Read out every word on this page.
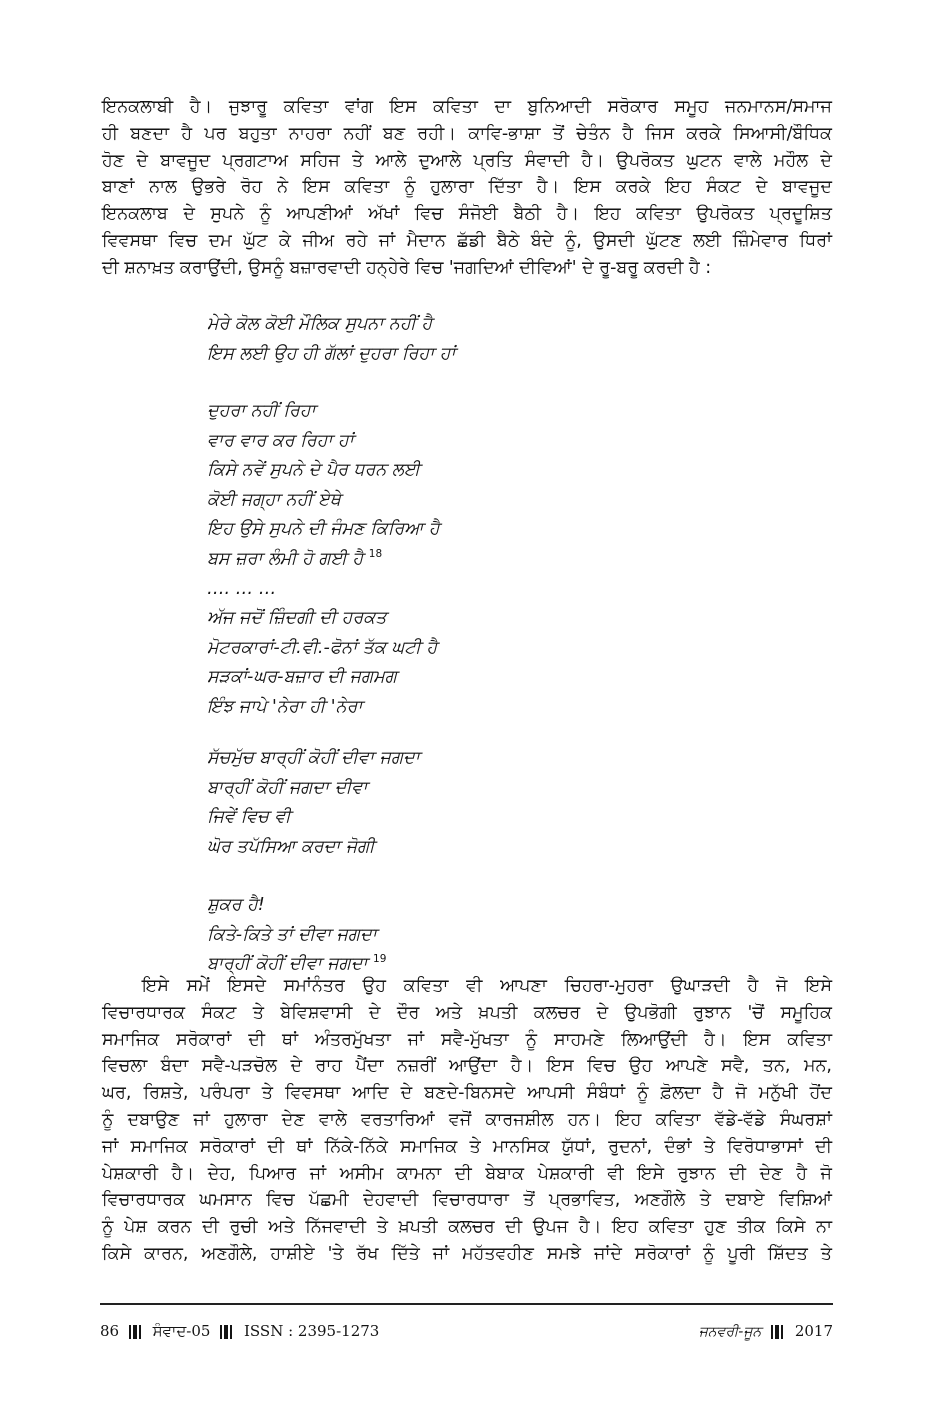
ਇਨਕਲਾਬੀ ਹੈ। ਜੁਝਾਰੂ ਕਵਿਤਾ ਵਾਂਗ ਇਸ ਕਵਿਤਾ ਦਾ ਬੁਨਿਆਦੀ ਸਰੋਕਾਰ ਸਮੂਹ ਜਨਮਾਨਸ/ਸਮਾਜ
ਹੀ ਬਣਦਾ ਹੈ ਪਰ ਬਹੁਤਾ ਨਾਹਰਾ ਨਹੀਂ ਬਣ ਰਹੀ। ਕਾਵਿ-ਭਾਸ਼ਾ ਤੋਂ ਚੇਤੰਨ ਹੈ ਜਿਸ ਕਰਕੇ ਸਿਆਸੀ/ਬੌਧਿਕ
ਹੋਣ ਦੇ ਬਾਵਜੂਦ ਪ੍ਰਗਟਾਅ ਸਹਿਜ ਤੇ ਆਲੇ ਦੁਆਲੇ ਪ੍ਰਤਿ ਸੰਵਾਦੀ ਹੈ। ਉਪਰੋਕਤ ਘੁਟਨ ਵਾਲੇ ਮਹੌਲ ਦੇ
ਬਾਣਾਂ ਨਾਲ ਉਭਰੇ ਰੋਹ ਨੇ ਇਸ ਕਵਿਤਾ ਨੂੰ ਹੁਲਾਰਾ ਦਿੱਤਾ ਹੈ। ਇਸ ਕਰਕੇ ਇਹ ਸੰਕਟ ਦੇ ਬਾਵਜੂਦ
ਇਨਕਲਾਬ ਦੇ ਸੁਪਨੇ ਨੂੰ ਆਪਣੀਆਂ ਅੱਖਾਂ ਵਿਚ ਸੰਜੋਈ ਬੈਠੀ ਹੈ। ਇਹ ਕਵਿਤਾ ਉਪਰੋਕਤ ਪ੍ਰਦੂਸ਼ਿਤ
ਵਿਵਸਥਾ ਵਿਚ ਦਮ ਘੁੱਟ ਕੇ ਜੀਅ ਰਹੇ ਜਾਂ ਮੈਦਾਨ ਛੱਡੀ ਬੈਠੇ ਬੰਦੇ ਨੂੰ, ਉਸਦੀ ਘੁੱਟਣ ਲਈ ਜ਼ਿੰਮੇਵਾਰ ਧਿਰਾਂ
ਦੀ ਸ਼ਨਾਖ਼ਤ ਕਰਾਉਂਦੀ, ਉਸਨੂੰ ਬਜ਼ਾਰਵਾਦੀ ਹਨ੍ਹੇਰੇ ਵਿਚ 'ਜਗਦਿਆਂ ਦੀਵਿਆਂ' ਦੇ ਰੂ-ਬਰੂ ਕਰਦੀ ਹੈ :

ਮੇਰੇ ਕੋਲ ਕੋਈ ਮੌਲਿਕ ਸੁਪਨਾ ਨਹੀਂ ਹੈ
ਇਸ ਲਈ ਉਹ ਹੀ ਗੱਲਾਂ ਦੁਹਰਾ ਰਿਹਾ ਹਾਂ
ਦੁਹਰਾ ਨਹੀਂ ਰਿਹਾ
ਵਾਰ ਵਾਰ ਕਰ ਰਿਹਾ ਹਾਂ
ਕਿਸੇ ਨਵੇਂ ਸੁਪਨੇ ਦੇ ਪੈਰ ਧਰਨ ਲਈ
ਕੋਈ ਜਗ੍ਹਾ ਨਹੀਂ ਏਥੇ
ਇਹ ਉਸੇ ਸੁਪਨੇ ਦੀ ਜੰਮਣ ਕਿਰਿਆ ਹੈ
ਬਸ ਜ਼ਰਾ ਲੰਮੀ ਹੋ ਗਈ ਹੈ $^{18}$
…. … …
ਅੱਜ ਜਦੋਂ ਜ਼ਿੰਦਗੀ ਦੀ ਹਰਕਤ
ਮੋਟਰਕਾਰਾਂ-ਟੀ.ਵੀ.-ਫੋਨਾਂ ਤੱਕ ਘਟੀ ਹੈ
ਸੜਕਾਂ-ਘਰ-ਬਜ਼ਾਰ ਦੀ ਜਗਮਗ
ਇੰਝ ਜਾਪੇ 'ਨੇਰਾ ਹੀ 'ਨੇਰਾ
ਸੱਚਮੁੱਚ ਬਾਰ੍ਹੀਂ ਕੋਹੀਂ ਦੀਵਾ ਜਗਦਾ
ਬਾਰ੍ਹੀਂ ਕੋਹੀਂ ਜਗਦਾ ਦੀਵਾ
ਜਿਵੇਂ ਵਿਚ ਵੀ
ਘੋਰ ਤਪੱਸਿਆ ਕਰਦਾ ਜੋਗੀ
ਸ਼ੁਕਰ ਹੈ!
ਕਿਤੇ-ਕਿਤੇ ਤਾਂ ਦੀਵਾ ਜਗਦਾ
ਬਾਰ੍ਹੀਂ ਕੋਹੀਂ ਦੀਵਾ ਜਗਦਾ $^{19}$

ਇਸੇ ਸਮੇਂ ਇਸਦੇ ਸਮਾਂਨੰਤਰ ਉਹ ਕਵਿਤਾ ਵੀ ਆਪਣਾ ਚਿਹਰਾ-ਮੁਹਰਾ ਉਘਾੜਦੀ ਹੈ ਜੋ ਇਸੇ
ਵਿਚਾਰਧਾਰਕ ਸੰਕਟ ਤੇ ਬੇਵਿਸ਼ਵਾਸੀ ਦੇ ਦੌਰ ਅਤੇ ਖ਼ਪਤੀ ਕਲਚਰ ਦੇ ਉਪਭੋਗੀ ਰੁਝਾਨ 'ਚੋਂ ਸਮੂਹਿਕ
ਸਮਾਜਿਕ ਸਰੋਕਾਰਾਂ ਦੀ ਥਾਂ ਅੰਤਰਮੁੱਖਤਾ ਜਾਂ ਸਵੈ-ਮੁੱਖਤਾ ਨੂੰ ਸਾਹਮਣੇ ਲਿਆਉਂਦੀ ਹੈ। ਇਸ ਕਵਿਤਾ
ਵਿਚਲਾ ਬੰਦਾ ਸਵੈ-ਪੜਚੋਲ ਦੇ ਰਾਹ ਪੈਂਦਾ ਨਜ਼ਰੀਂ ਆਉਂਦਾ ਹੈ। ਇਸ ਵਿਚ ਉਹ ਆਪਣੇ ਸਵੈ, ਤਨ, ਮਨ,
ਘਰ, ਰਿਸ਼ਤੇ, ਪਰੰਪਰਾ ਤੇ ਵਿਵਸਥਾ ਆਦਿ ਦੇ ਬਣਦੇ-ਬਿਨਸਦੇ ਆਪਸੀ ਸੰਬੰਧਾਂ ਨੂੰ ਫ਼ੋਲਦਾ ਹੈ ਜੋ ਮਨੁੱਖੀ ਹੋਂਦ
ਨੂੰ ਦਬਾਉਣ ਜਾਂ ਹੁਲਾਰਾ ਦੇਣ ਵਾਲੇ ਵਰਤਾਰਿਆਂ ਵਜੋਂ ਕਾਰਜਸ਼ੀਲ ਹਨ। ਇਹ ਕਵਿਤਾ ਵੱਡੇ-ਵੱਡੇ ਸੰਘਰਸ਼ਾਂ
ਜਾਂ ਸਮਾਜਿਕ ਸਰੋਕਾਰਾਂ ਦੀ ਥਾਂ ਨਿੱਕੇ-ਨਿੱਕੇ ਸਮਾਜਿਕ ਤੇ ਮਾਨਸਿਕ ਯੁੱਧਾਂ, ਰੁਦਨਾਂ, ਦੰਭਾਂ ਤੇ ਵਿਰੋਧਾਭਾਸਾਂ ਦੀ
ਪੇਸ਼ਕਾਰੀ ਹੈ। ਦੇਹ, ਪਿਆਰ ਜਾਂ ਅਸੀਮ ਕਾਮਨਾ ਦੀ ਬੇਬਾਕ ਪੇਸ਼ਕਾਰੀ ਵੀ ਇਸੇ ਰੁਝਾਨ ਦੀ ਦੇਣ ਹੈ ਜੋ
ਵਿਚਾਰਧਾਰਕ ਘਮਸਾਨ ਵਿਚ ਪੱਛਮੀ ਦੇਹਵਾਦੀ ਵਿਚਾਰਧਾਰਾ ਤੋਂ ਪ੍ਰਭਾਵਿਤ, ਅਣਗੌਲੇ ਤੇ ਦਬਾਏ ਵਿਸ਼ਿਆਂ
ਨੂੰ ਪੇਸ਼ ਕਰਨ ਦੀ ਰੁਚੀ ਅਤੇ ਨਿੱਜਵਾਦੀ ਤੇ ਖ਼ਪਤੀ ਕਲਚਰ ਦੀ ਉਪਜ ਹੈ। ਇਹ ਕਵਿਤਾ ਹੁਣ ਤੀਕ ਕਿਸੇ ਨਾ
ਕਿਸੇ ਕਾਰਨ, ਅਣਗੌਲੇ, ਹਾਸ਼ੀਏ 'ਤੇ ਰੱਖ ਦਿੱਤੇ ਜਾਂ ਮਹੱਤਵਹੀਣ ਸਮਝੇ ਜਾਂਦੇ ਸਰੋਕਾਰਾਂ ਨੂੰ ਪੂਰੀ ਸ਼ਿੱਦਤ ਤੇ

86 ਸੰਵਾਦ-05 ISSN : 2395-1273	ਜਨਵਰੀ-ਜੂਨ 2017
